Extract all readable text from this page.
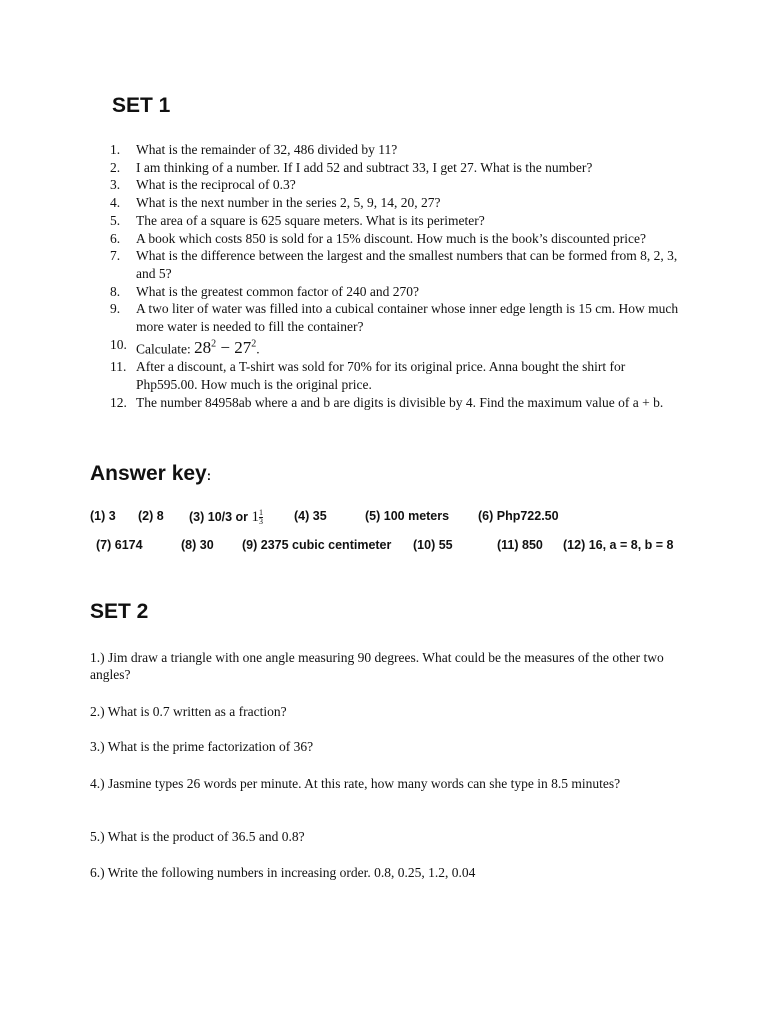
SET 1
1. What is the remainder of 32, 486 divided by 11?
2. I am thinking of a number. If I add 52 and subtract 33, I get 27. What is the number?
3. What is the reciprocal of 0.3?
4. What is the next number in the series 2, 5, 9, 14, 20, 27?
5. The area of a square is 625 square meters. What is its perimeter?
6. A book which costs 850 is sold for a 15% discount. How much is the book’s discounted price?
7. What is the difference between the largest and the smallest numbers that can be formed from 8, 2, 3, and 5?
8. What is the greatest common factor of 240 and 270?
9. A two liter of water was filled into a cubical container whose inner edge length is 15 cm. How much more water is needed to fill the container?
10. Calculate: $28^2 - 27^2$.
11. After a discount, a T-shirt was sold for 70% for its original price. Anna bought the shirt for Php595.00. How much is the original price.
12. The number 84958ab where a and b are digits is divisible by 4. Find the maximum value of a + b.
Answer key:
(1) 3 (2) 8 (3) 10/3 or $1 \frac{1}{3} (4)$ 35	(5) 100 meters (6) Php722.50
(7) 6174	(8) 30 (9) 2375 cubic centimeter (10) 55	(11) 850 (12) 16, a = 8, b = 8
SET 2

1.) Jim draw a triangle with one angle measuring 90 degrees. What could be the measures of the other two angles?

2.) What is 0.7 written as a fraction?

3.) What is the prime factorization of 36?

4.) Jasmine types 26 words per minute. At this rate, how many words can she type in 8.5 minutes?

5.) What is the product of 36.5 and 0.8?

6.) Write the following numbers in increasing order. 0.8, 0.25, 1.2, 0.04
